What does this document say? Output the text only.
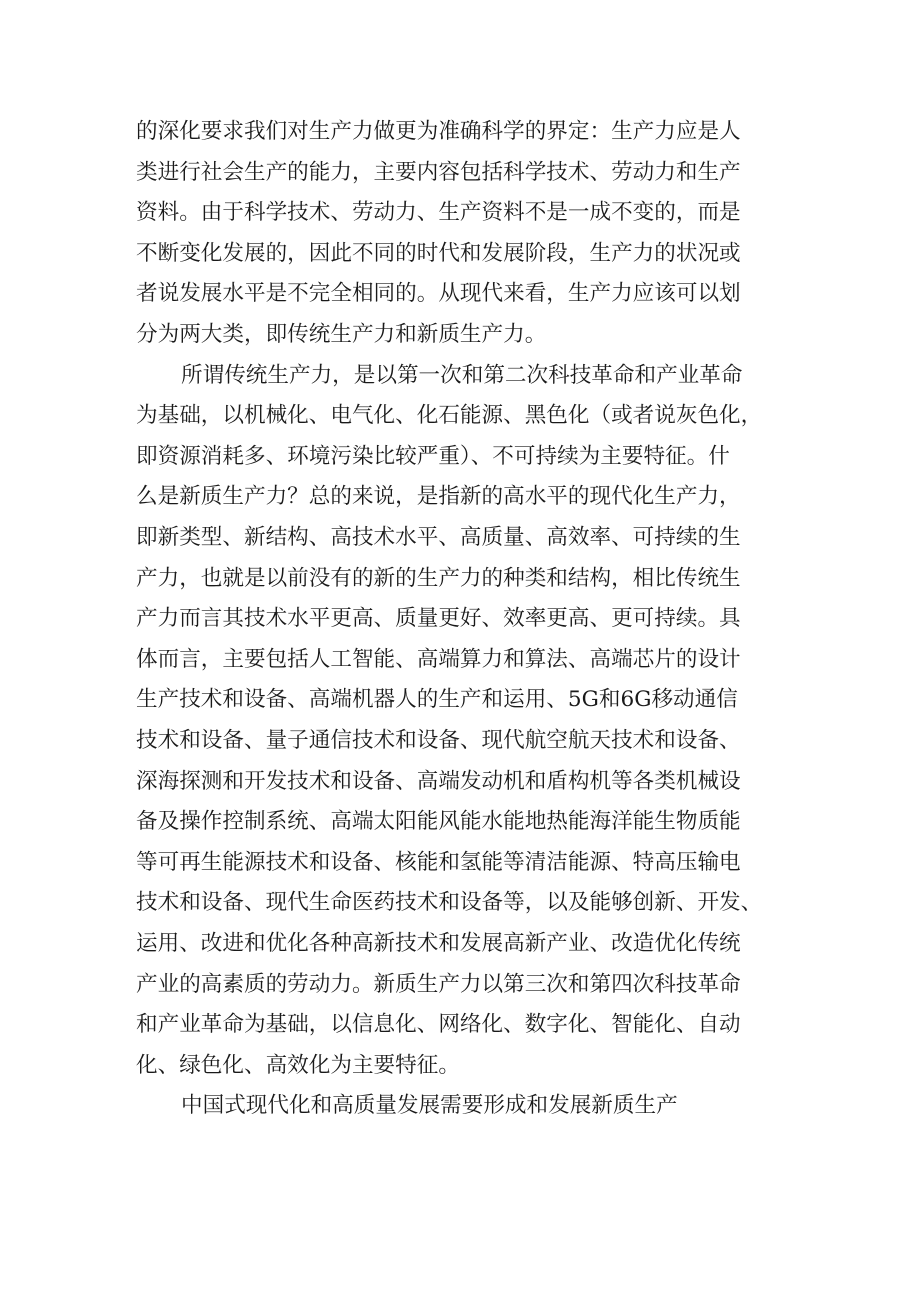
的深化要求我们对生产力做更为准确科学的界定：生产力应是人
类进行社会生产的能力，主要内容包括科学技术、劳动力和生产
资料。由于科学技术、劳动力、生产资料不是一成不变的，而是
不断变化发展的，因此不同的时代和发展阶段，生产力的状况或
者说发展水平是不完全相同的。从现代来看，生产力应该可以划
分为两大类，即传统生产力和新质生产力。
所谓传统生产力，是以第一次和第二次科技革命和产业革命
为基础，以机械化、电气化、化石能源、黑色化（或者说灰色化，
即资源消耗多、环境污染比较严重）、不可持续为主要特征。什
么是新质生产力？总的来说，是指新的高水平的现代化生产力，
即新类型、新结构、高技术水平、高质量、高效率、可持续的生
产力，也就是以前没有的新的生产力的种类和结构，相比传统生
产力而言其技术水平更高、质量更好、效率更高、更可持续。具
体而言，主要包括人工智能、高端算力和算法、高端芯片的设计
生产技术和设备、高端机器人的生产和运用、5G和6G移动通信
技术和设备、量子通信技术和设备、现代航空航天技术和设备、
深海探测和开发技术和设备、高端发动机和盾构机等各类机械设
备及操作控制系统、高端太阳能风能水能地热能海洋能生物质能
等可再生能源技术和设备、核能和氢能等清洁能源、特高压输电
技术和设备、现代生命医药技术和设备等，以及能够创新、开发、
运用、改进和优化各种高新技术和发展高新产业、改造优化传统
产业的高素质的劳动力。新质生产力以第三次和第四次科技革命
和产业革命为基础，以信息化、网络化、数字化、智能化、自动
化、绿色化、高效化为主要特征。
中国式现代化和高质量发展需要形成和发展新质生产
